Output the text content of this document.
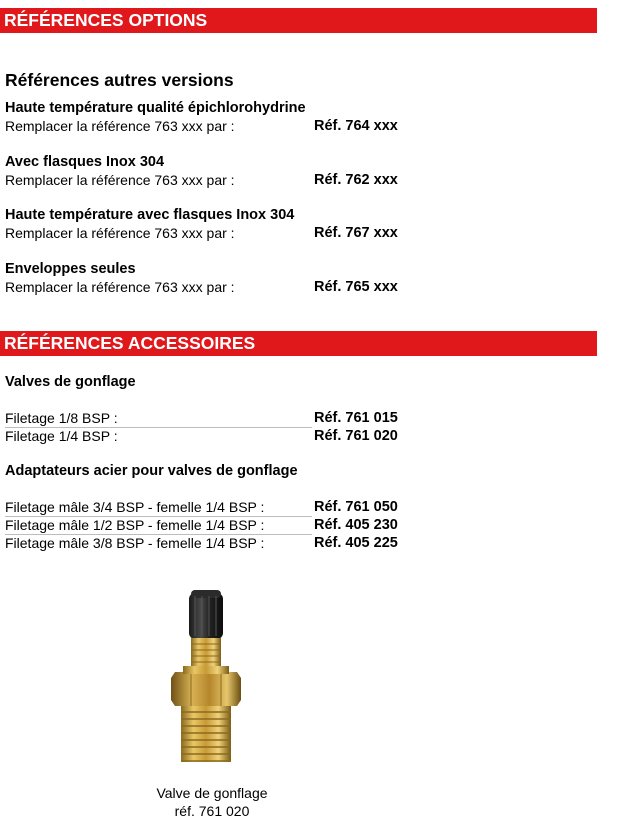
RÉFÉRENCES OPTIONS
Références autres versions
Haute température qualité épichlorohydrine
Remplacer la référence 763 xxx par :	Réf. 764 xxx
Avec flasques Inox 304
Remplacer la référence 763 xxx par :	Réf. 762 xxx
Haute température avec flasques Inox 304
Remplacer la référence 763 xxx par :	Réf. 767 xxx
Enveloppes seules
Remplacer la référence 763 xxx par :	Réf. 765 xxx
RÉFÉRENCES ACCESSOIRES
Valves de gonflage
Filetage 1/8 BSP :	Réf. 761 015
Filetage 1/4 BSP :	Réf. 761 020
Adaptateurs acier pour valves de gonflage
Filetage mâle 3/4 BSP - femelle 1/4 BSP :	Réf. 761 050
Filetage mâle 1/2 BSP - femelle 1/4 BSP :	Réf. 405 230
Filetage mâle 3/8 BSP - femelle 1/4 BSP :	Réf. 405 225
Valve de gonflage
réf. 761 020
